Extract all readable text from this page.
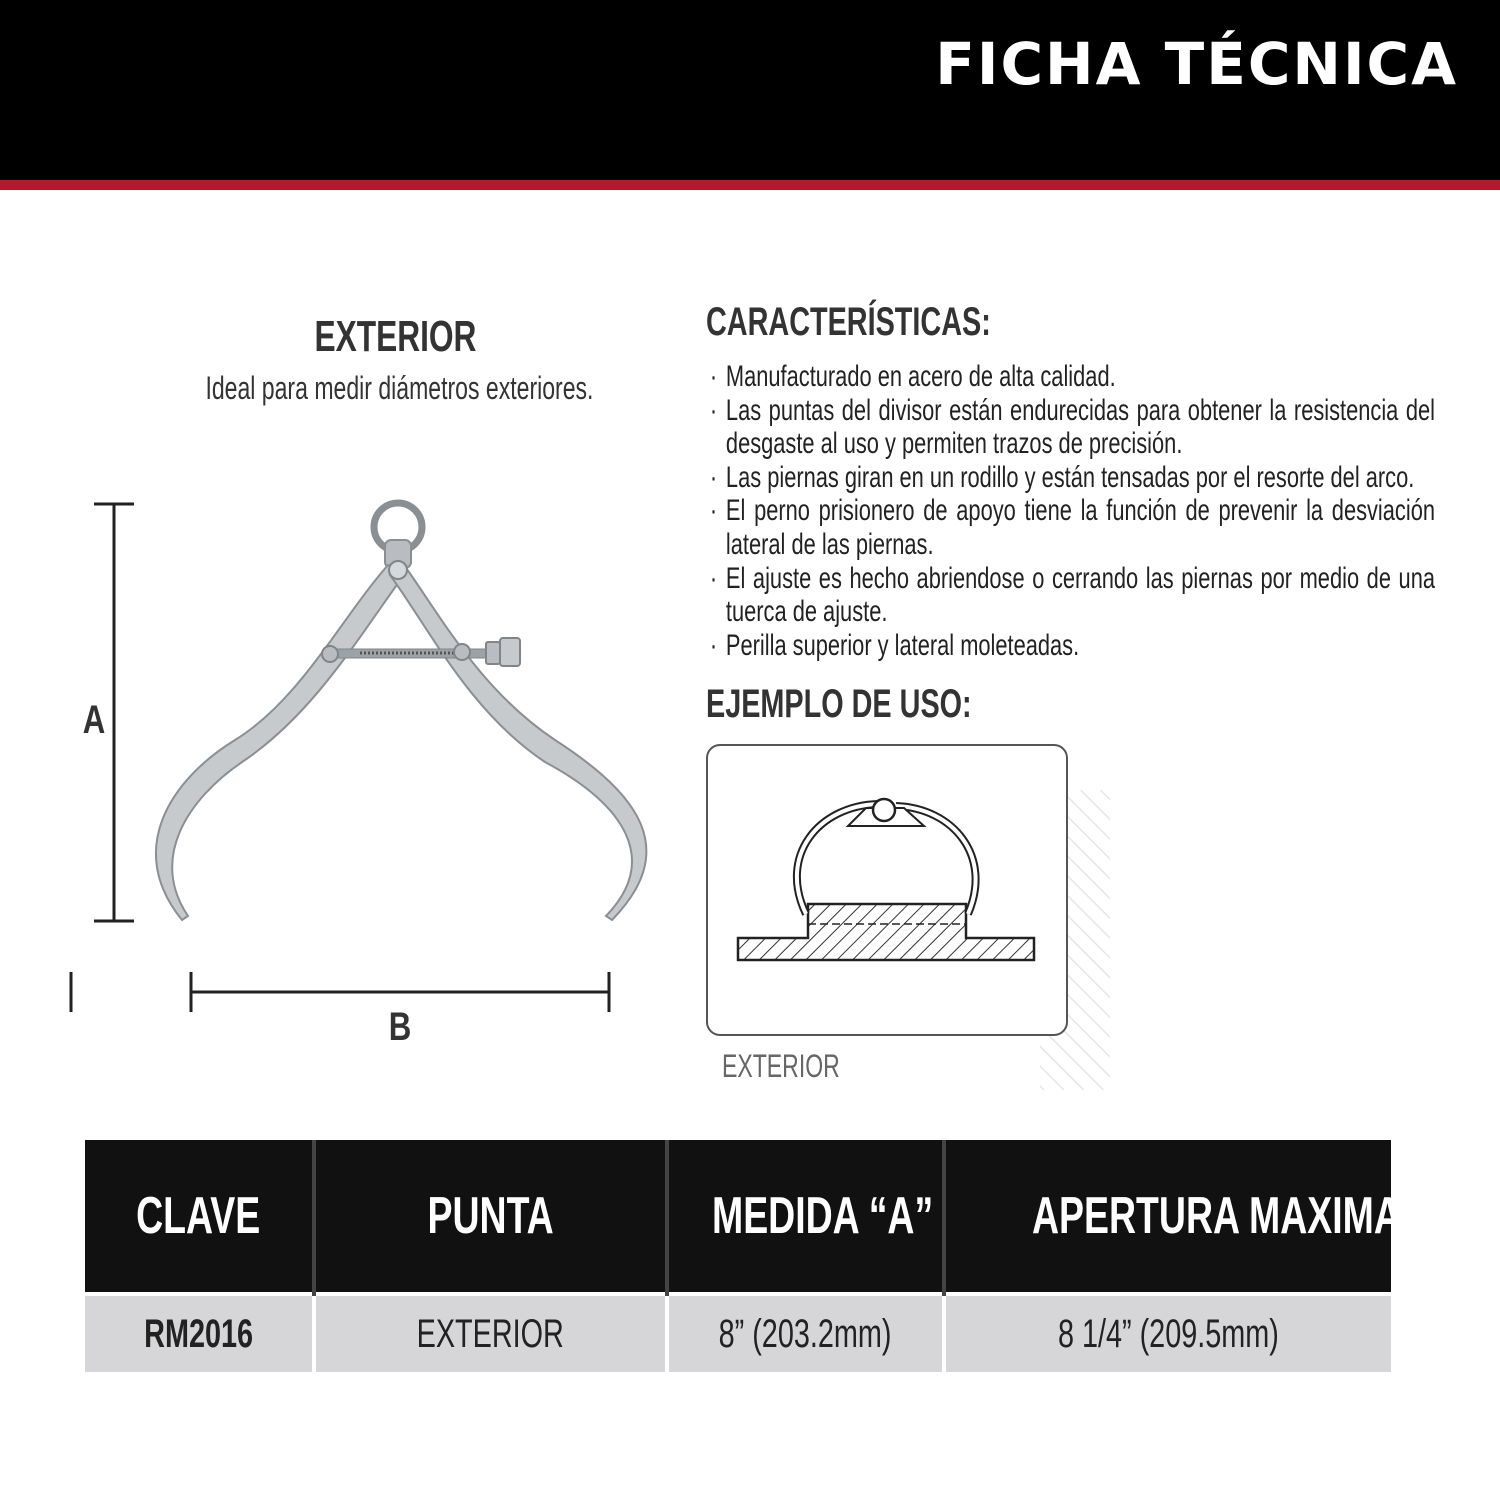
FICHA TÉCNICA
EXTERIOR
Ideal para medir diámetros exteriores.
A
B
CARACTERÍSTICAS:
· Manufacturado en acero de alta calidad.
· Las puntas del divisor están endurecidas para obtener la resistencia del desgaste al uso y permiten trazos de precisión.
· Las piernas giran en un rodillo y están tensadas por el resorte del arco.
· El perno prisionero de apoyo tiene la función de prevenir la desviación lateral de las piernas.
· El ajuste es hecho abriendose o cerrando las piernas por medio de una tuerca de ajuste.
· Perilla superior y lateral moleteadas.
EJEMPLO DE USO:
EXTERIOR
CLAVE	PUNTA	MEDIDA “A”	APERTURA MAXIMA “B”
RM2016	EXTERIOR	8” (203.2mm)	8 1/4” (209.5mm)
